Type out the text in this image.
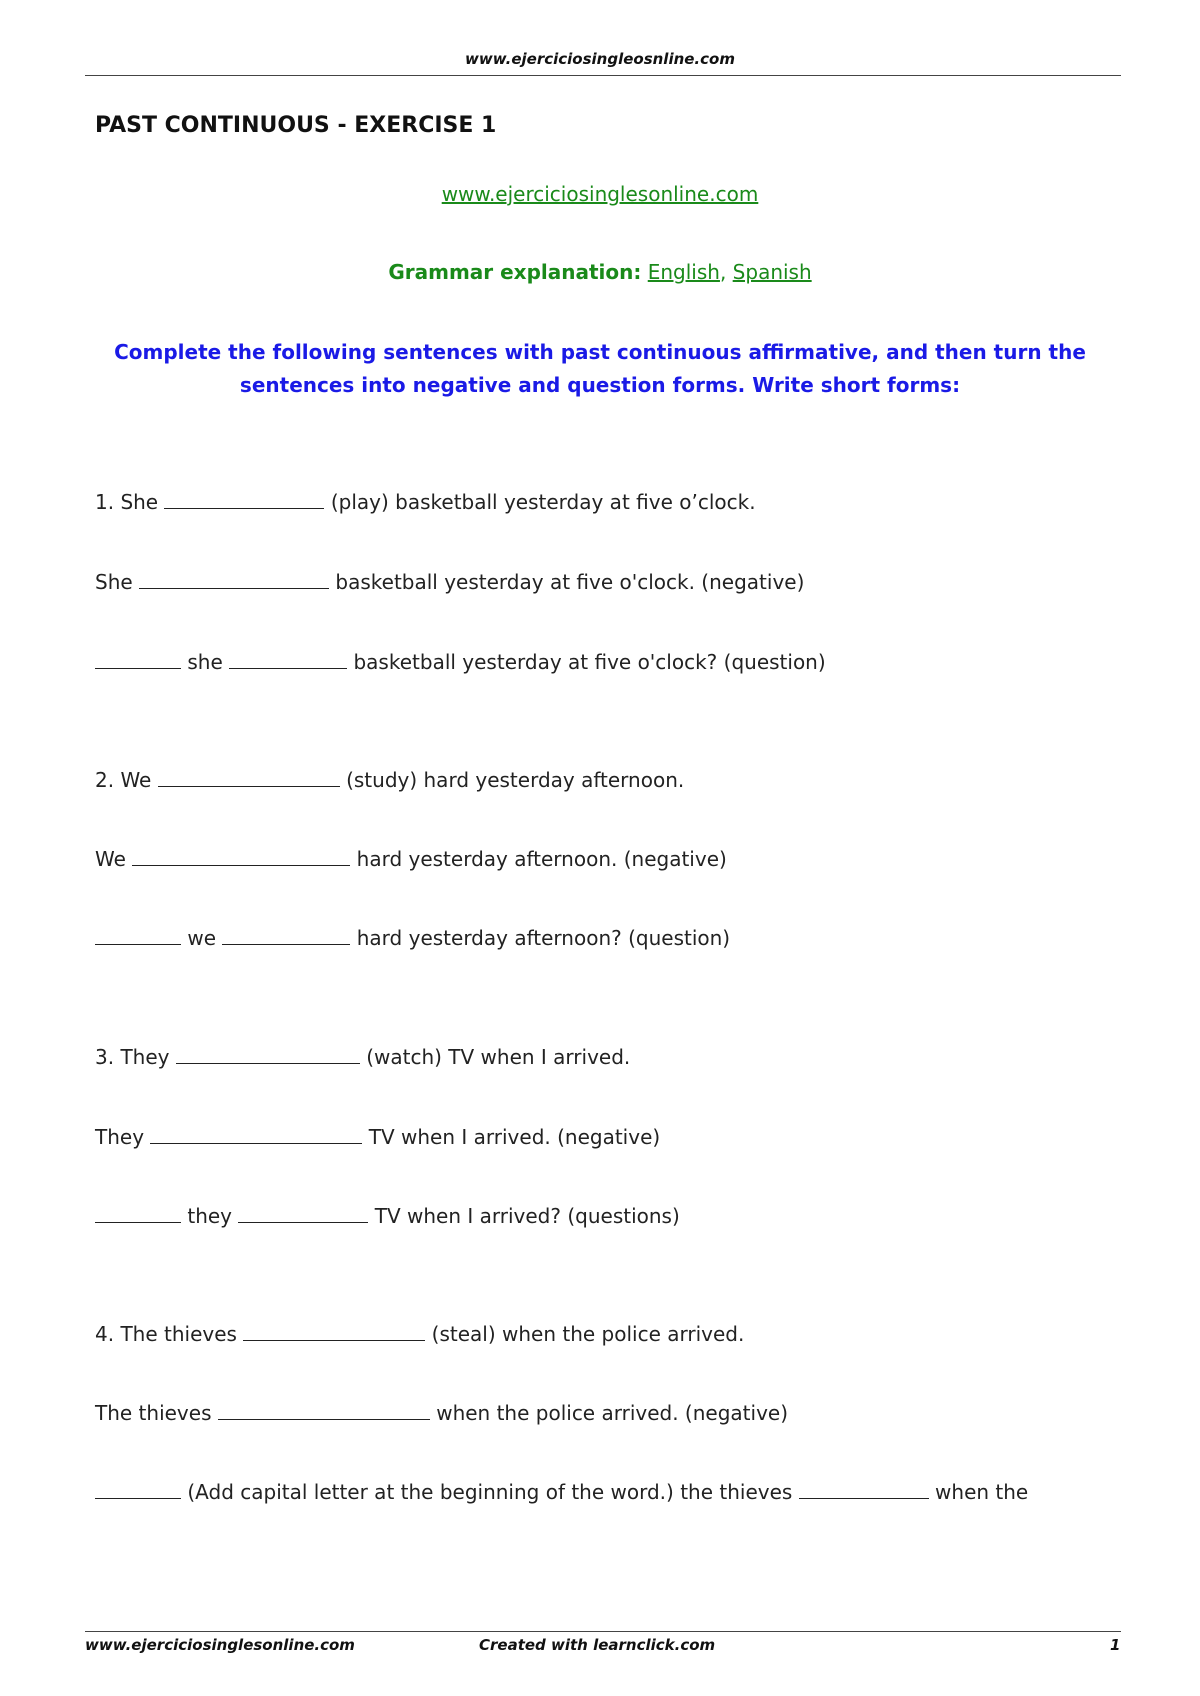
www.ejerciciosingleosnline.com
PAST CONTINUOUS - EXERCISE 1
www.ejerciciosinglesonline.com
Grammar explanation: English, Spanish
Complete the following sentences with past continuous affirmative, and then turn the sentences into negative and question forms. Write short forms:
1. She	(play) basketball yesterday at five o’clock.
She	basketball yesterday at five o'clock. (negative)
she	basketball yesterday at five o'clock? (question)
2. We	(study) hard yesterday afternoon.
We	hard yesterday afternoon. (negative)
we	hard yesterday afternoon? (question)
3. They	(watch) TV when I arrived.
They	TV when I arrived. (negative)
they	TV when I arrived? (questions)
4. The thieves	(steal) when the police arrived.
The thieves	when the police arrived. (negative)
(Add capital letter at the beginning of the word.) the thieves	when the
www.ejerciciosinglesonline.com	Created with learnclick.com	1
